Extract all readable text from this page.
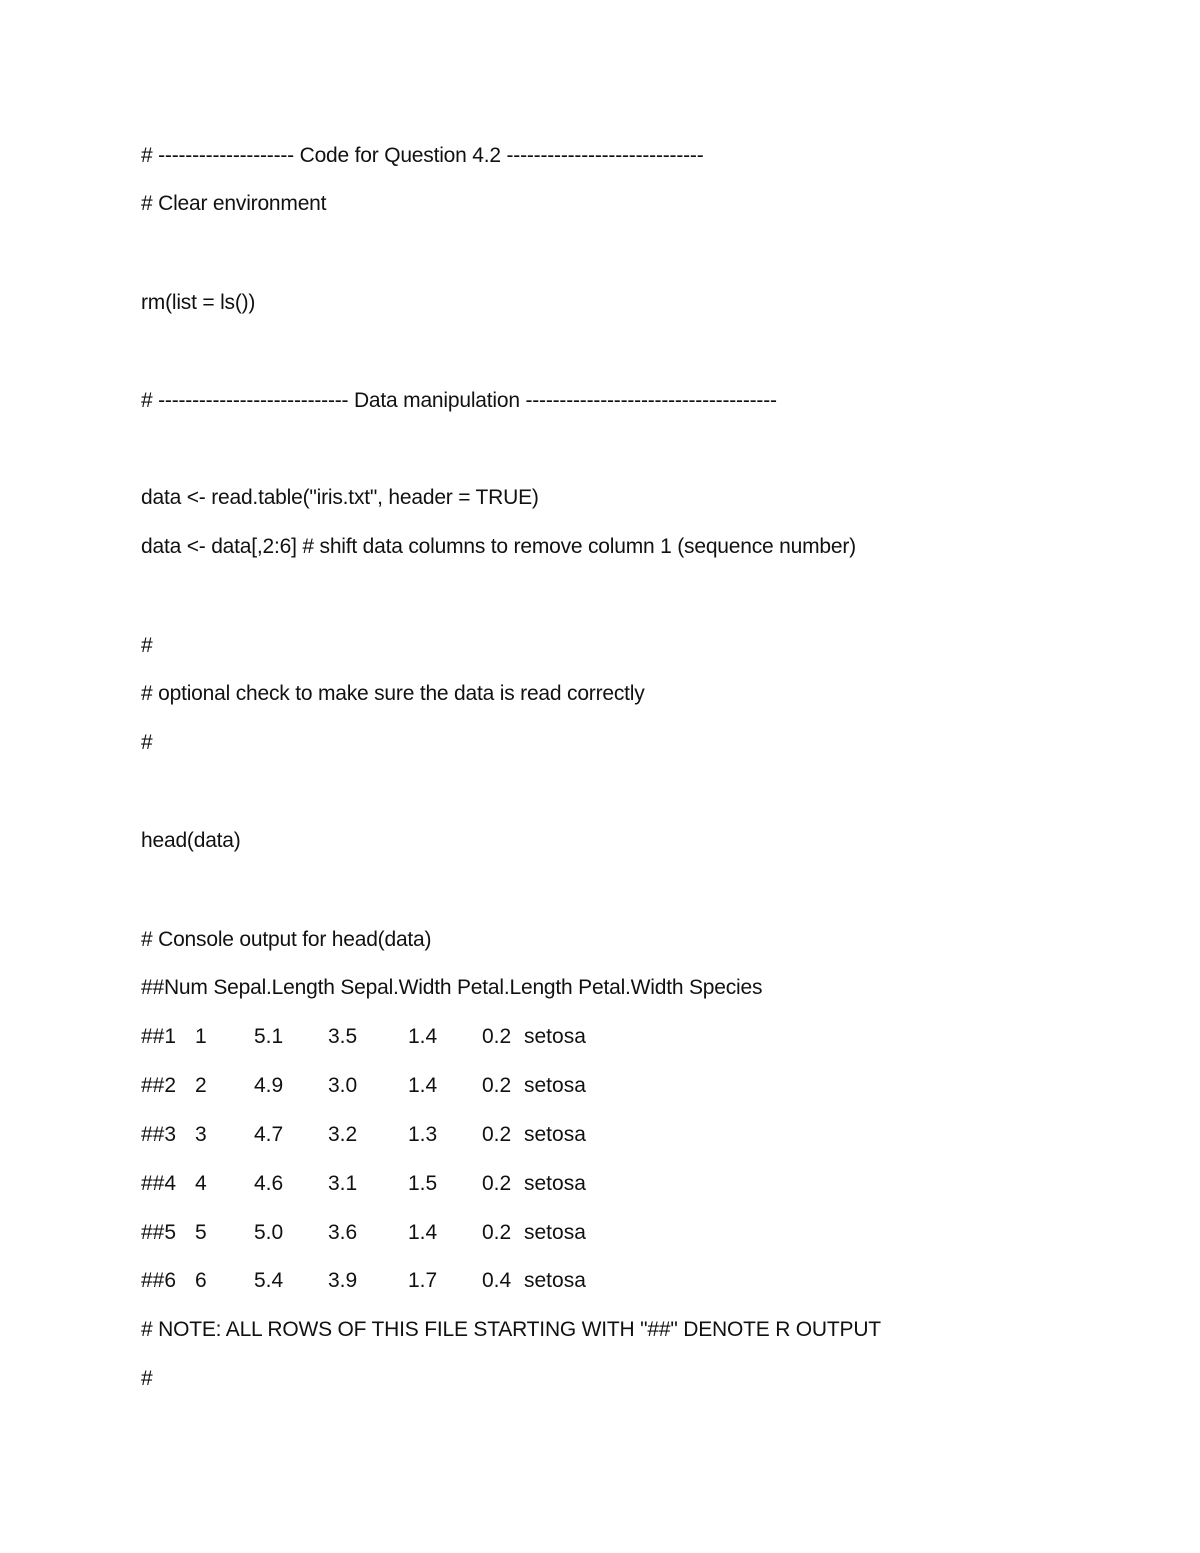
# -------------------- Code for Question 4.2 -----------------------------
# Clear environment
rm(list = ls())
# ---------------------------- Data manipulation -------------------------------------
data <- read.table("iris.txt", header = TRUE)
data <- data[,2:6] # shift data columns to remove column 1 (sequence number)
#
# optional check to make sure the data is read correctly
#
head(data)
# Console output for head(data)
##Num Sepal.Length Sepal.Width Petal.Length Petal.Width Species

##1

1

5.1

3.5

1.4

0.2

setosa

##2

2

4.9

3.0

1.4

0.2

setosa

##3

3

4.7

3.2

1.3

0.2

setosa

##4

4

4.6

3.1

1.5

0.2

setosa

##5

5

5.0

3.6

1.4

0.2

setosa

##6

6

5.4

3.9

1.7

0.4

setosa

# NOTE: ALL ROWS OF THIS FILE STARTING WITH "##" DENOTE R OUTPUT
#
